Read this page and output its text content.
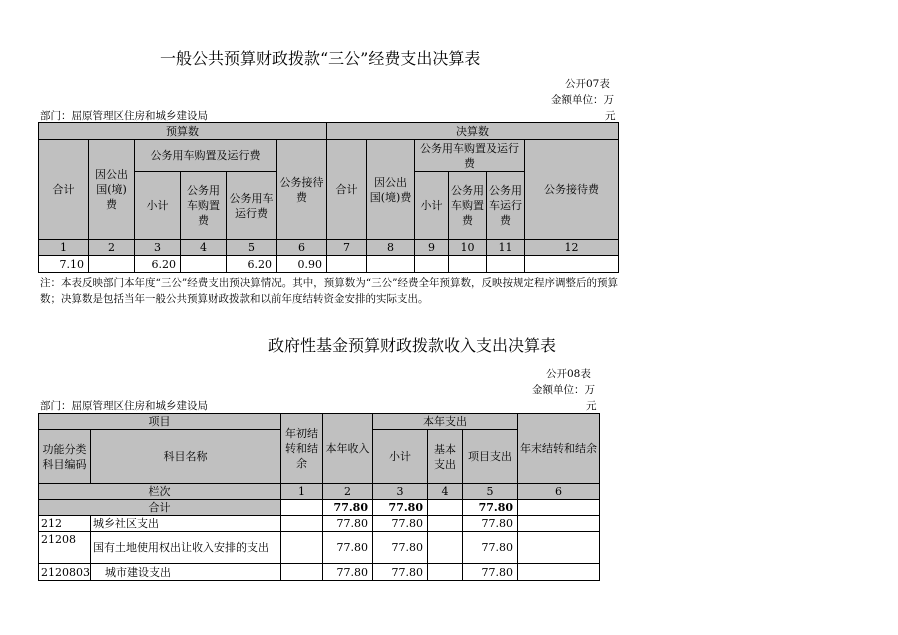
一般公共预算财政拨款“三公”经费支出决算表
公开07表
金额单位：万
部门：屈原管理区住房和城乡建设局	元
预算数						决算数					
合计	因公出国(境)费	公务用车购置及运行费			公务接待费	合计	因公出国(境)费	公务用车购置及运行费			公务接待费
		小计	公务用车购置费	公务用车运行费				小计	公务用车购置费	公务用车运行费	
1	2	3	4	5	6	7	8	9	10	11	12
7.10		6.20		6.20	0.90						
注：本表反映部门本年度“三公”经费支出预决算情况。其中，预算数为“三公”经费全年预算数，反映按规定程序调整后的预算数；决算数是包括当年一般公共预算财政拨款和以前年度结转资金安排的实际支出。
政府性基金预算财政拨款收入支出决算表
公开08表
金额单位：万
部门：屈原管理区住房和城乡建设局	元
项目		年初结转和结余	本年收入	本年支出			年末结转和结余
功能分类科目编码	科目名称			小计	基本支出	项目支出	
栏次		1	2	3	4	5	6
合计			77.80	77.80		77.80	
212	城乡社区支出		77.80	77.80		77.80	
21208	国有土地使用权出让收入安排的支出		77.80	77.80		77.80	
2120803	城市建设支出		77.80	77.80		77.80	
